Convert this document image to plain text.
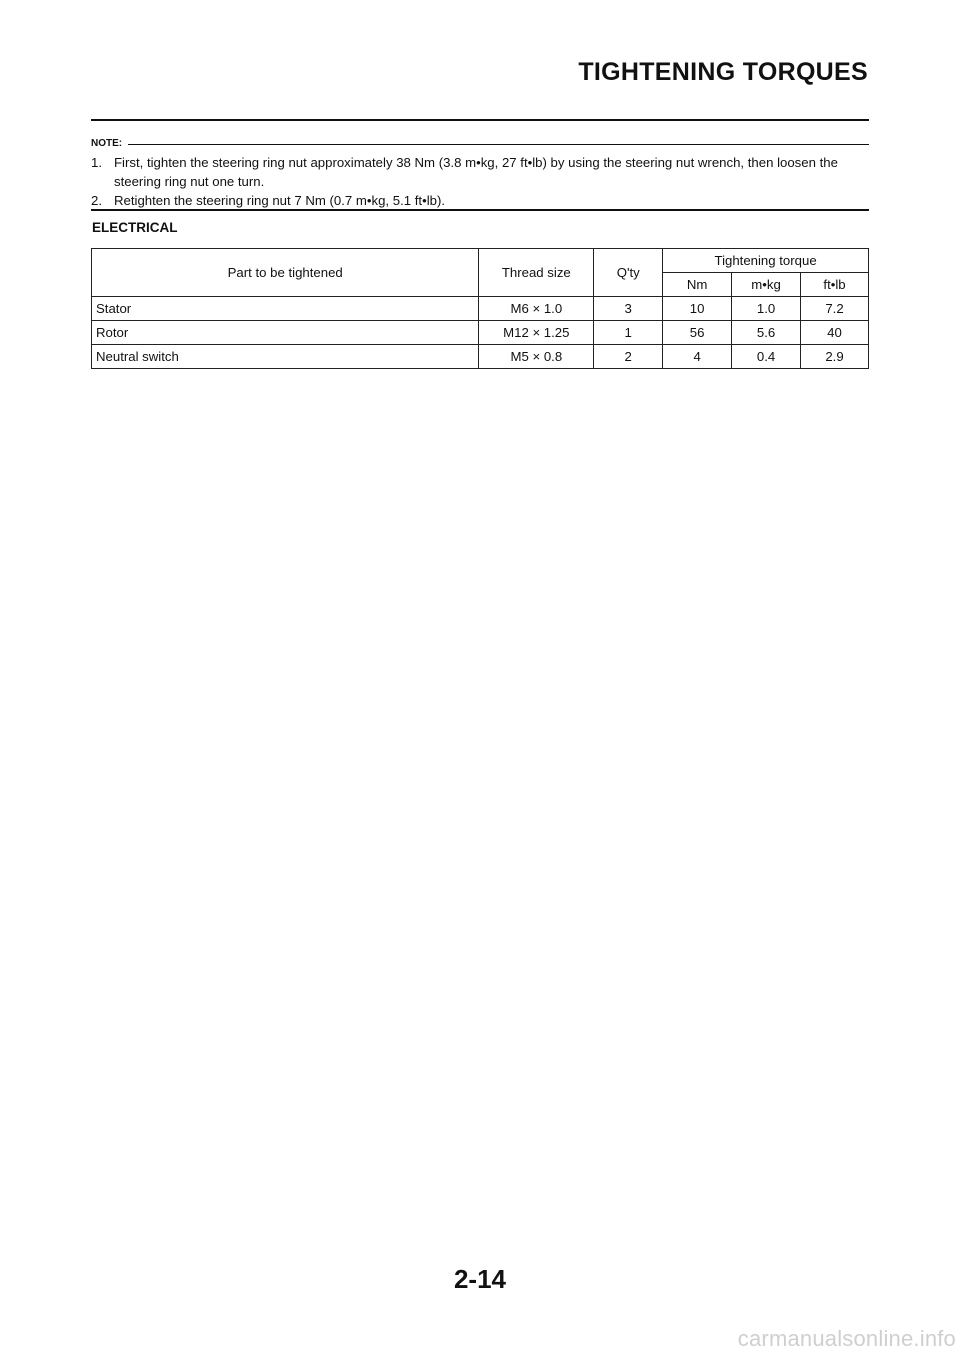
TIGHTENING TORQUES
NOTE:
1. First, tighten the steering ring nut approximately 38 Nm (3.8 m•kg, 27 ft•lb) by using the steering nut wrench, then loosen the steering ring nut one turn.
2. Retighten the steering ring nut 7 Nm (0.7 m•kg, 5.1 ft•lb).
ELECTRICAL
Part to be tightened	Thread size	Q'ty	Tightening torque		
			Nm	m•kg	ft•lb
Stator	M6 × 1.0	3	10	1.0	7.2
Rotor	M12 × 1.25	1	56	5.6	40
Neutral switch	M5 × 0.8	2	4	0.4	2.9
2-14
carmanualsonline.info
